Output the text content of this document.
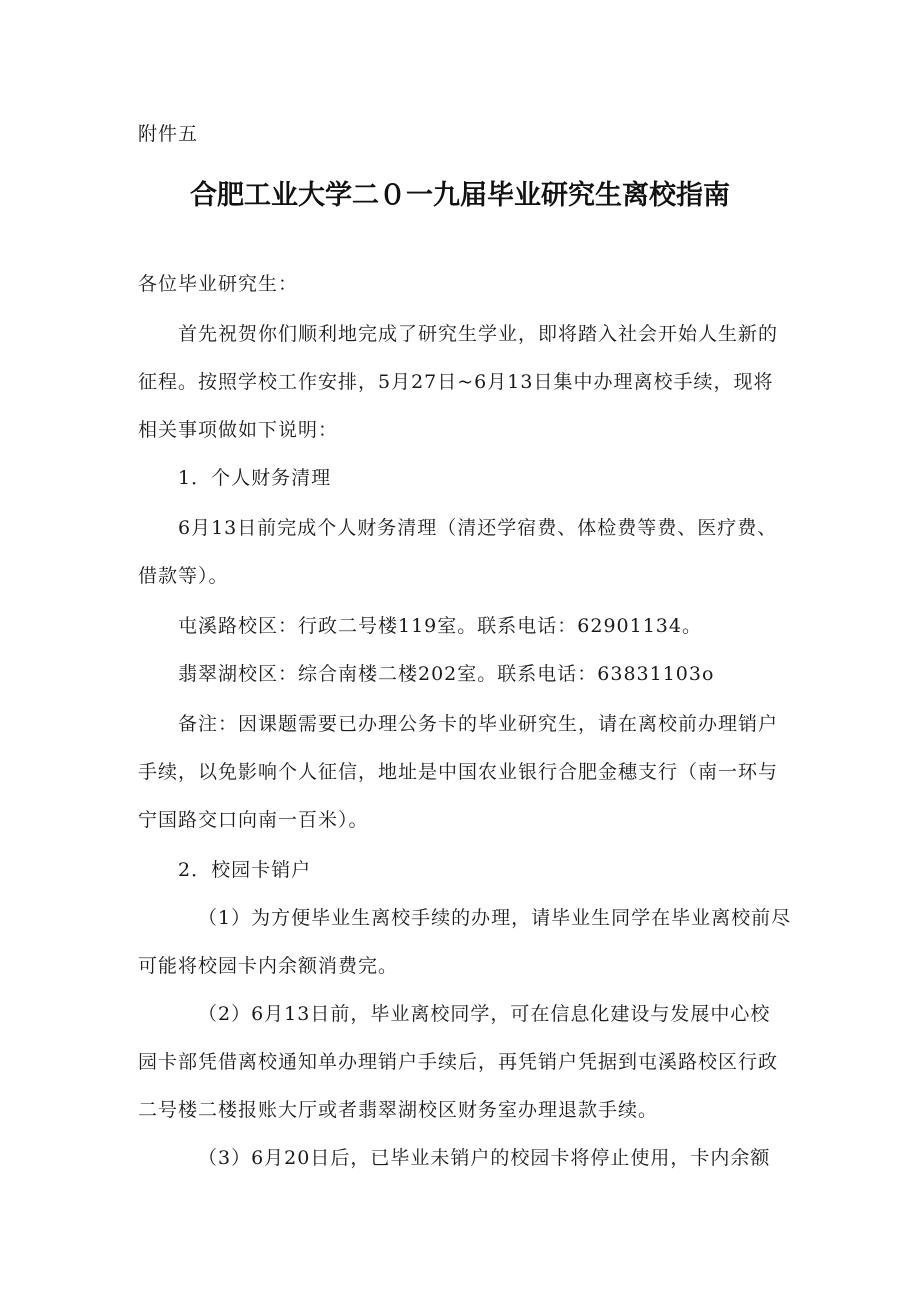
附件五
合肥工业大学二０一九届毕业研究生离校指南
各位毕业研究生：
首先祝贺你们顺利地完成了研究生学业，即将踏入社会开始人生新的
征程。按照学校工作安排，5月27日~6月13日集中办理离校手续，现将
相关事项做如下说明：
1．个人财务清理
6月13日前完成个人财务清理（清还学宿费、体检费等费、医疗费、
借款等）。
屯溪路校区：行政二号楼119室。联系电话：62901134。
翡翠湖校区：综合南楼二楼202室。联系电话：63831103o
备注：因课题需要已办理公务卡的毕业研究生，请在离校前办理销户
手续，以免影响个人征信，地址是中国农业银行合肥金穗支行（南一环与
宁国路交口向南一百米）。
2．校园卡销户
（1）为方便毕业生离校手续的办理，请毕业生同学在毕业离校前尽
可能将校园卡内余额消费完。
（2）6月13日前，毕业离校同学，可在信息化建设与发展中心校
园卡部凭借离校通知单办理销户手续后，再凭销户凭据到屯溪路校区行政
二号楼二楼报账大厅或者翡翠湖校区财务室办理退款手续。
（3）6月20日后，已毕业未销户的校园卡将停止使用，卡内余额
